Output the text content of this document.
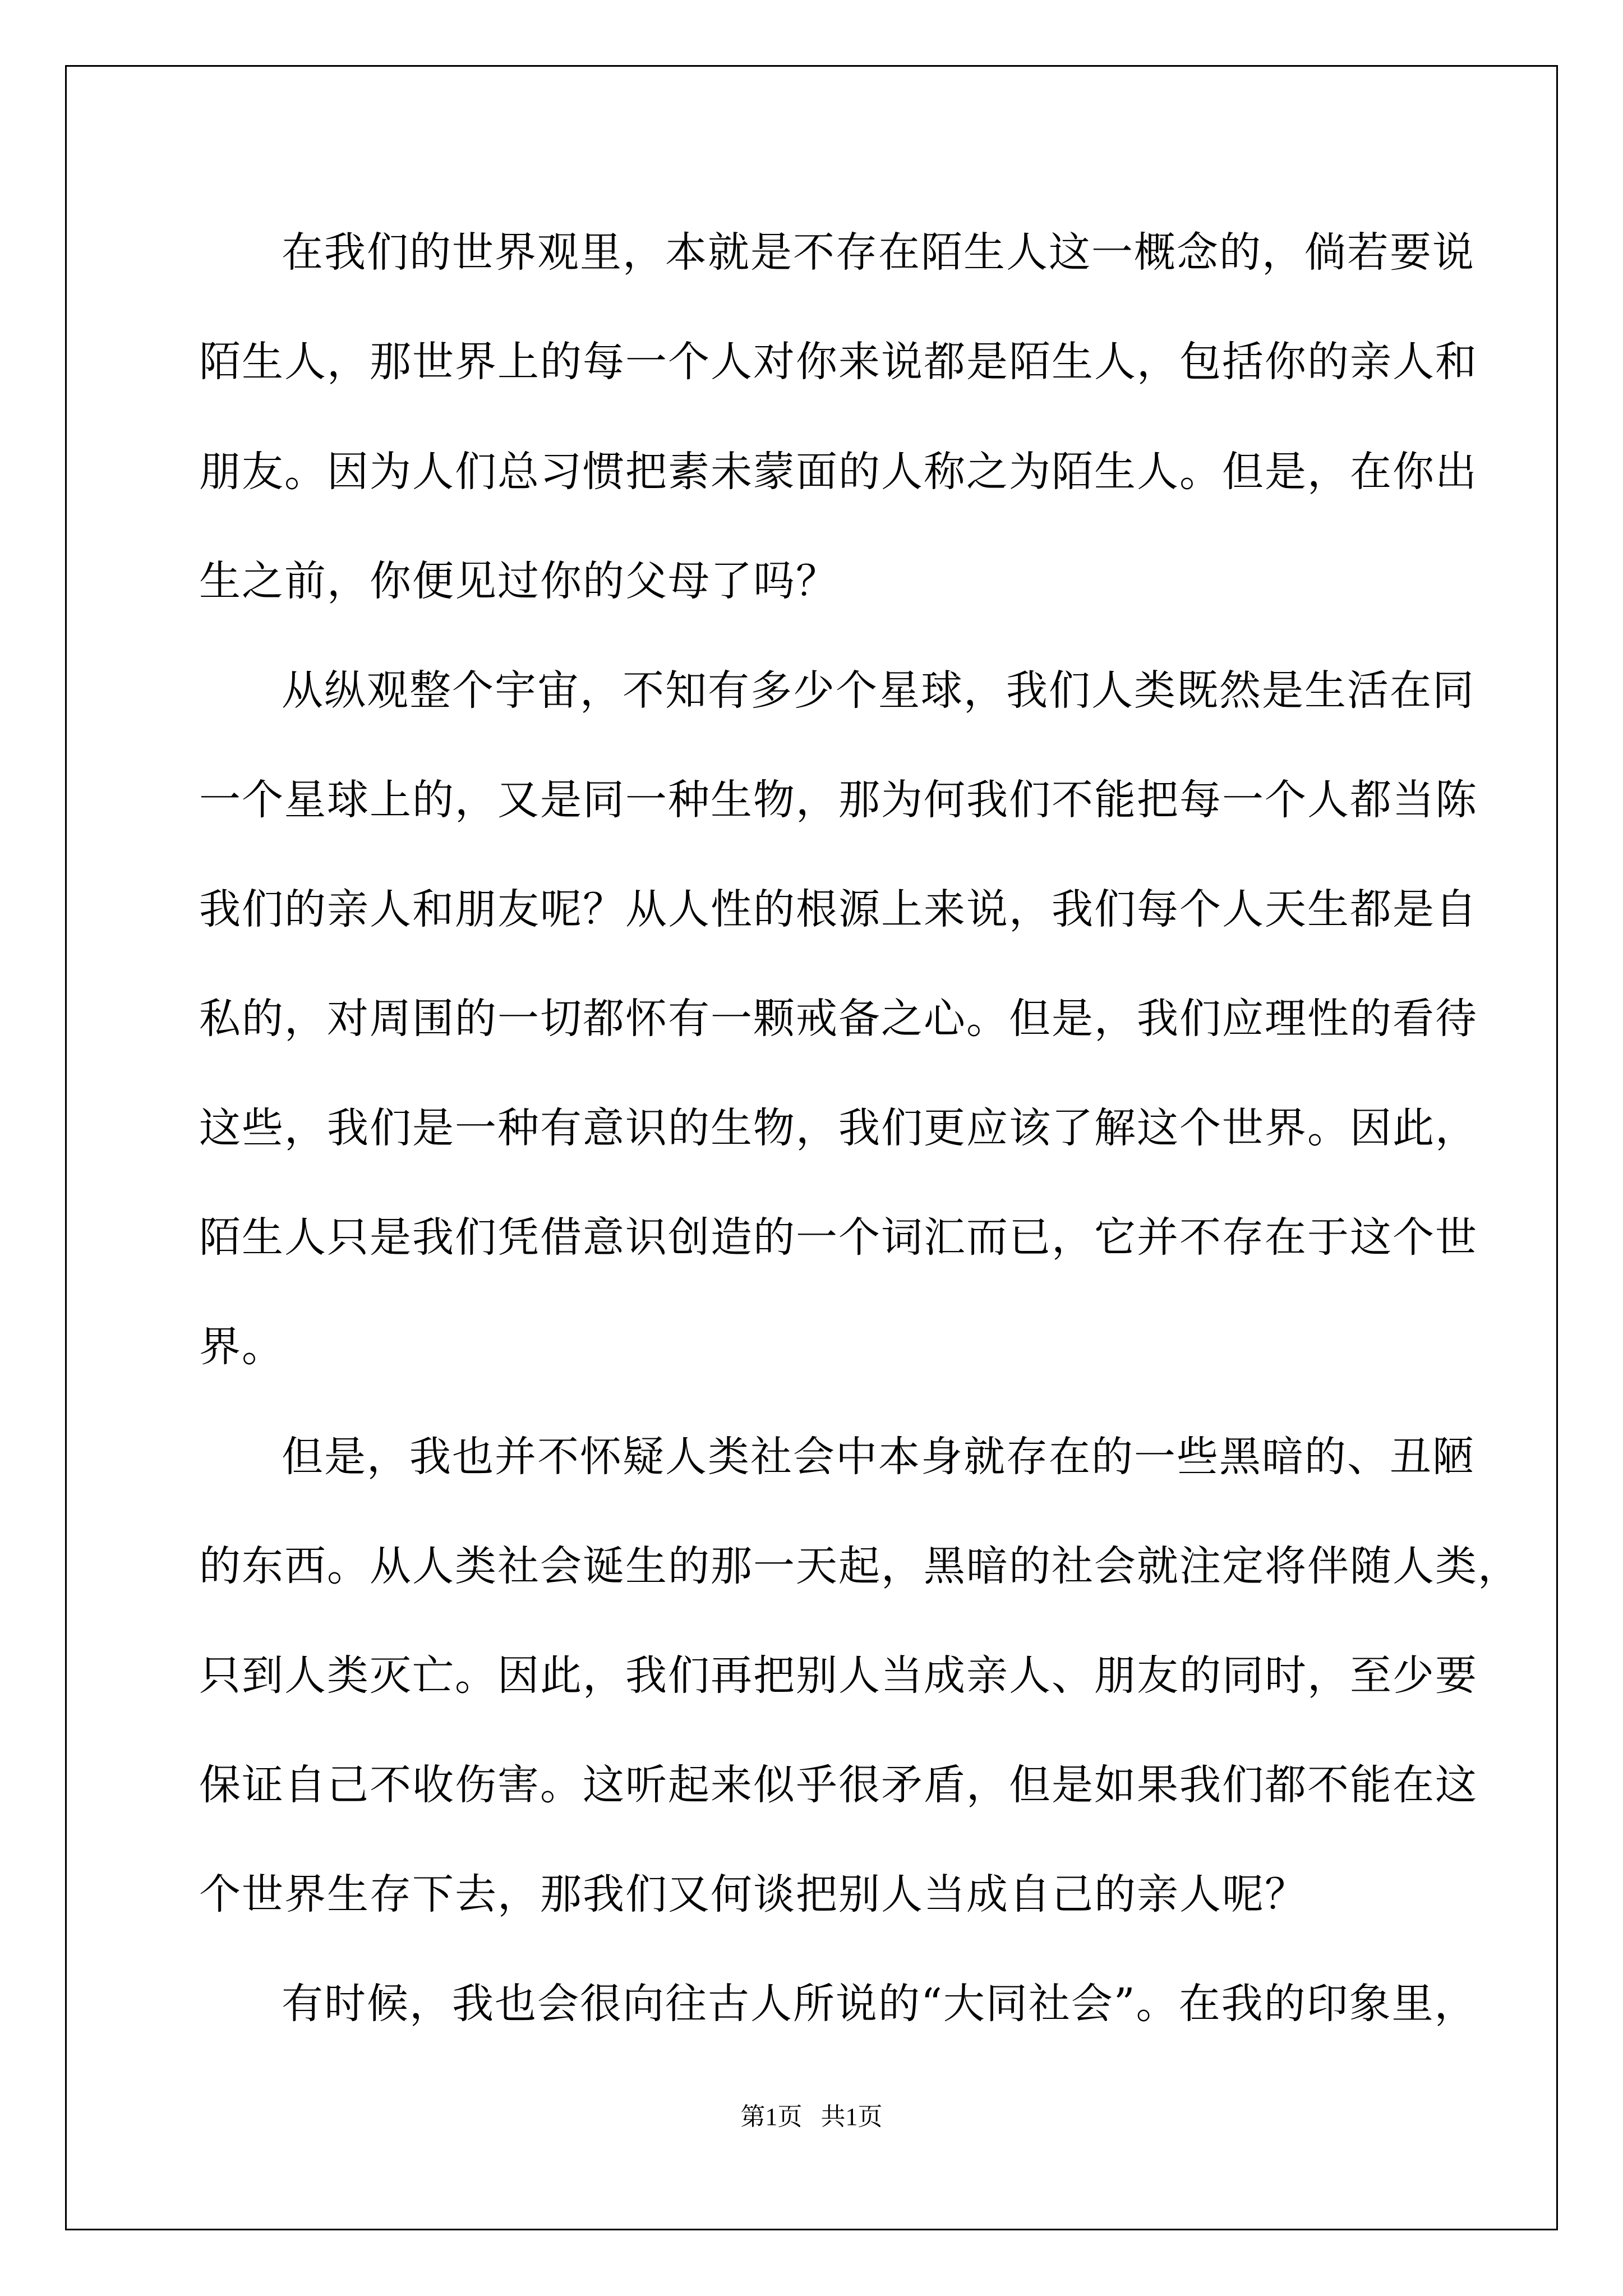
在我们的世界观里，本就是不存在陌生人这一概念的，倘若要说
陌生人，那世界上的每一个人对你来说都是陌生人，包括你的亲人和
朋友。因为人们总习惯把素未蒙面的人称之为陌生人。但是，在你出
生之前，你便见过你的父母了吗？
从纵观整个宇宙，不知有多少个星球，我们人类既然是生活在同
一个星球上的，又是同一种生物，那为何我们不能把每一个人都当陈
我们的亲人和朋友呢？从人性的根源上来说，我们每个人天生都是自
私的，对周围的一切都怀有一颗戒备之心。但是，我们应理性的看待
这些，我们是一种有意识的生物，我们更应该了解这个世界。因此，
陌生人只是我们凭借意识创造的一个词汇而已，它并不存在于这个世
界。
但是，我也并不怀疑人类社会中本身就存在的一些黑暗的、丑陋
的东西。从人类社会诞生的那一天起，黑暗的社会就注定将伴随人类，
只到人类灭亡。因此，我们再把别人当成亲人、朋友的同时，至少要
保证自己不收伤害。这听起来似乎很矛盾，但是如果我们都不能在这
个世界生存下去，那我们又何谈把别人当成自己的亲人呢？
有时候，我也会很向往古人所说的“大同社会”。在我的印象里，
第1页   共1页
